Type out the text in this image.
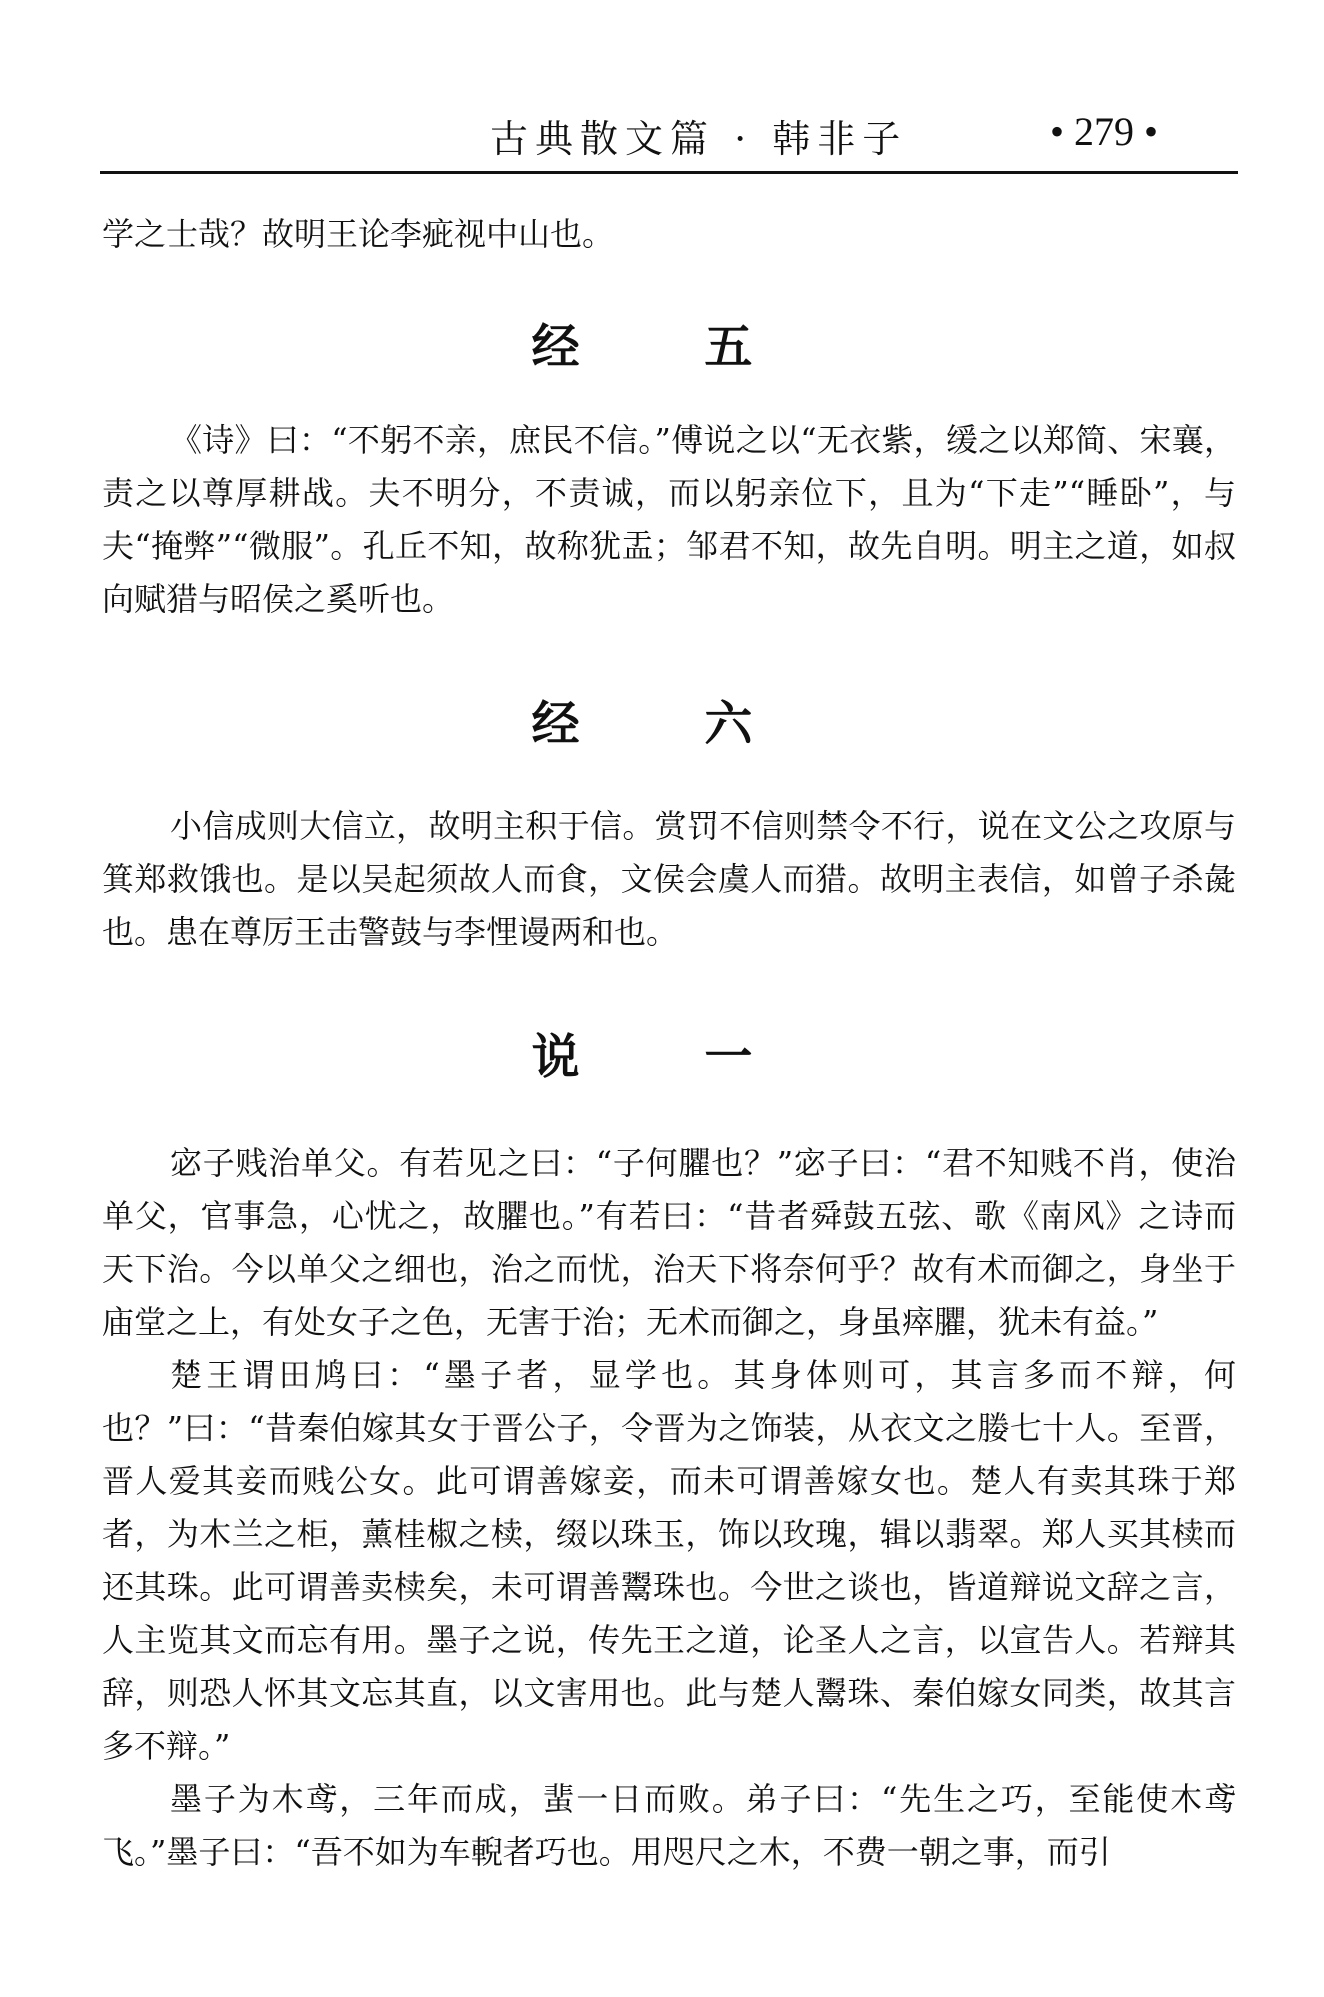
古典散文篇 · 韩非子	• 279 •

学之士哉？故明王论李疵视中山也。

经 五

《诗》曰：“不躬不亲，庶民不信。”傅说之以“无衣紫，缓之以郑简、宋襄，责之以尊厚耕战。夫不明分，不责诚，而以躬亲位下，且为“下走”“睡卧”，与夫“掩弊”“微服”。孔丘不知，故称犹盂；邹君不知，故先自明。明主之道，如叔向赋猎与昭侯之奚听也。

经 六

小信成则大信立，故明主积于信。赏罚不信则禁令不行，说在文公之攻原与箕郑救饿也。是以吴起须故人而食，文侯会虞人而猎。故明主表信，如曾子杀彘也。患在尊厉王击警鼓与李悝谩两和也。

说 一

宓子贱治单父。有若见之曰：“子何臞也？”宓子曰：“君不知贱不肖，使治单父，官事急，心忧之，故臞也。”有若曰：“昔者舜鼓五弦、歌《南风》之诗而天下治。今以单父之细也，治之而忧，治天下将奈何乎？故有术而御之，身坐于庙堂之上，有处女子之色，无害于治；无术而御之，身虽瘁臞，犹未有益。”

楚王谓田鸠曰：“墨子者，显学也。其身体则可，其言多而不辩，何也？”曰：“昔秦伯嫁其女于晋公子，令晋为之饰装，从衣文之媵七十人。至晋，晋人爱其妾而贱公女。此可谓善嫁妾，而未可谓善嫁女也。楚人有卖其珠于郑者，为木兰之柜，薰桂椒之椟，缀以珠玉，饰以玫瑰，辑以翡翠。郑人买其椟而还其珠。此可谓善卖椟矣，未可谓善鬻珠也。今世之谈也，皆道辩说文辞之言，人主览其文而忘有用。墨子之说，传先王之道，论圣人之言，以宣告人。若辩其辞，则恐人怀其文忘其直，以文害用也。此与楚人鬻珠、秦伯嫁女同类，故其言多不辩。”

墨子为木鸢，三年而成，蜚一日而败。弟子曰：“先生之巧，至能使木鸢飞。”墨子曰：“吾不如为车輗者巧也。用咫尺之木，不费一朝之事，而引
